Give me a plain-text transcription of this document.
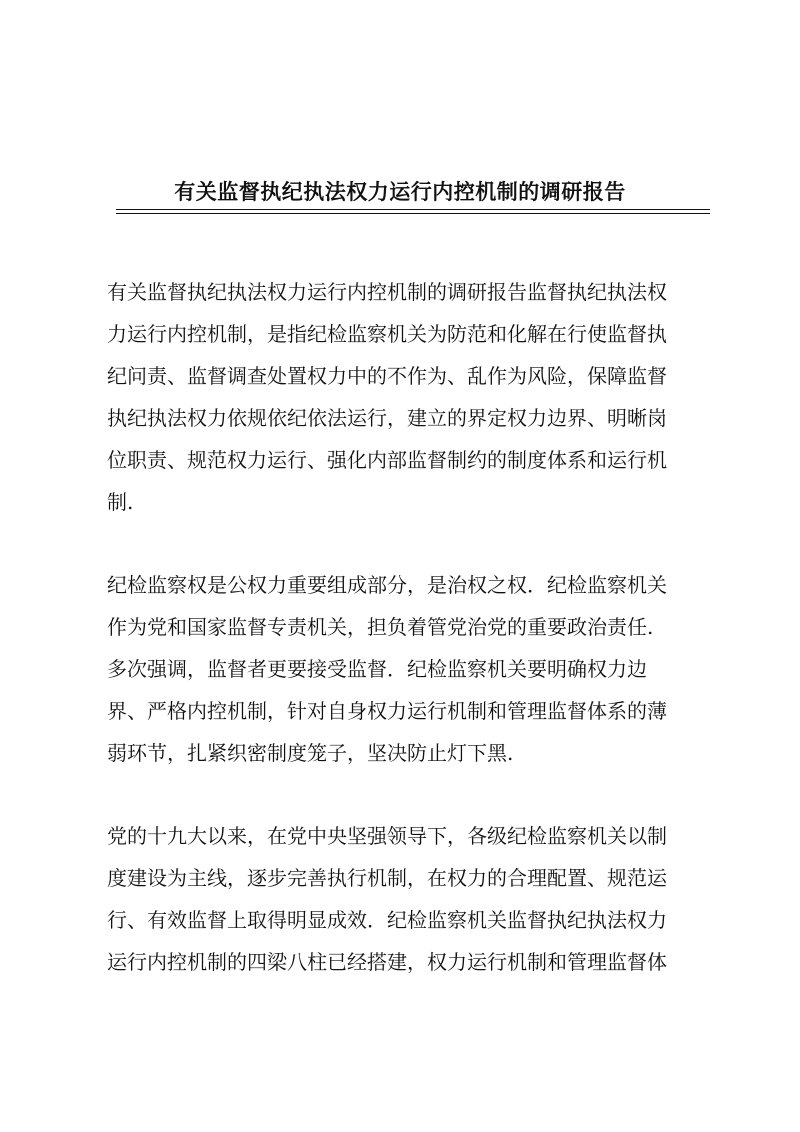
有关监督执纪执法权力运行内控机制的调研报告

有关监督执纪执法权力运行内控机制的调研报告监督执纪执法权
力运行内控机制，是指纪检监察机关为防范和化解在行使监督执
纪问责、监督调查处置权力中的不作为、乱作为风险，保障监督
执纪执法权力依规依纪依法运行，建立的界定权力边界、明晰岗
位职责、规范权力运行、强化内部监督制约的制度体系和运行机
制.

纪检监察权是公权力重要组成部分，是治权之权．纪检监察机关
作为党和国家监督专责机关，担负着管党治党的重要政治责任.
多次强调，监督者更要接受监督．纪检监察机关要明确权力边
界、严格内控机制，针对自身权力运行机制和管理监督体系的薄
弱环节，扎紧织密制度笼子，坚决防止灯下黑.

党的十九大以来，在党中央坚强领导下，各级纪检监察机关以制
度建设为主线，逐步完善执行机制，在权力的合理配置、规范运
行、有效监督上取得明显成效．纪检监察机关监督执纪执法权力
运行内控机制的四梁八柱已经搭建，权力运行机制和管理监督体
